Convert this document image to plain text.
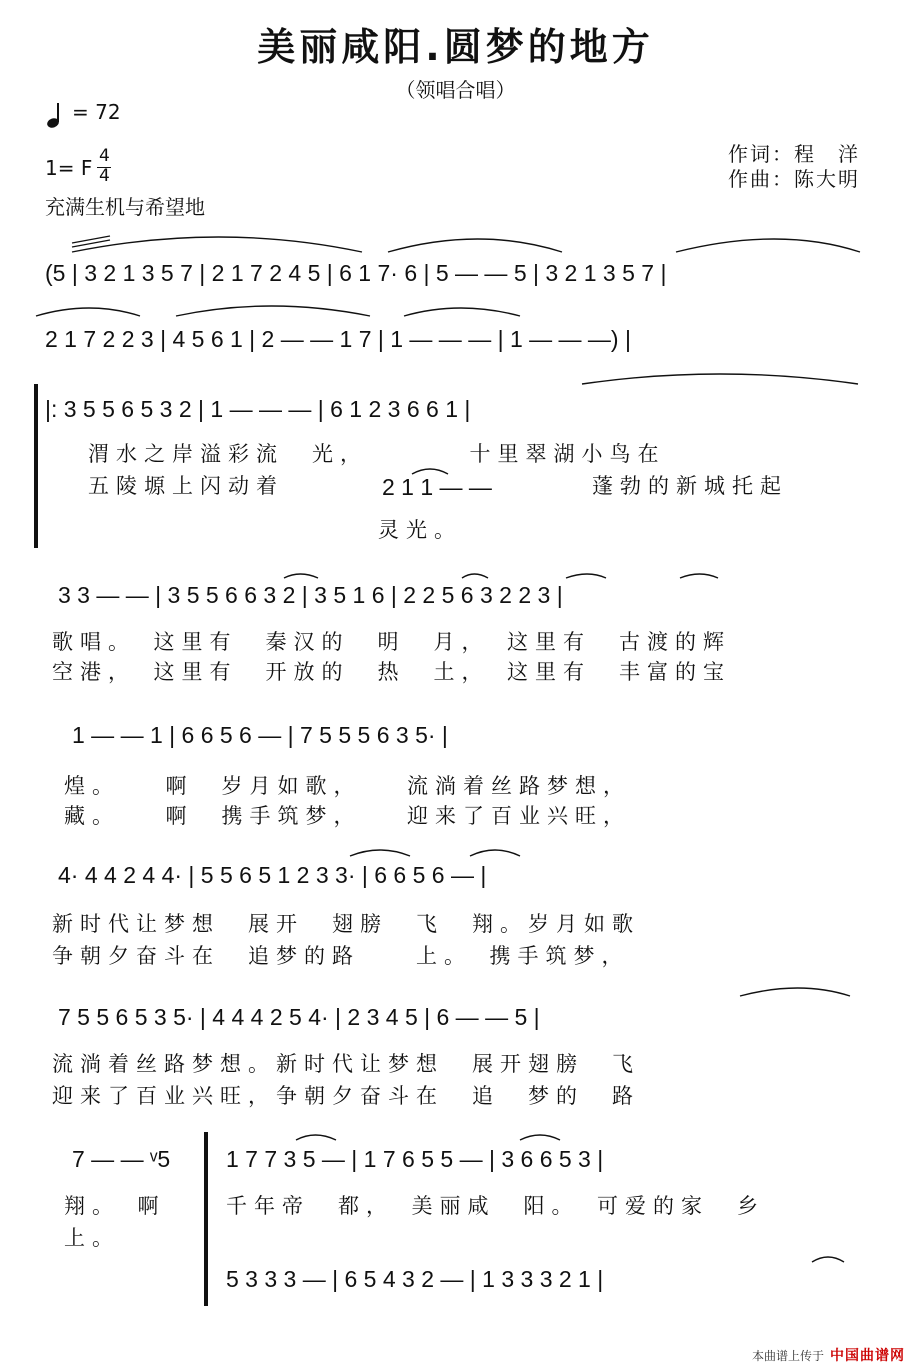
美丽咸阳.圆梦的地方
（领唱合唱）
= 72
1= F 4
4
充满生机与希望地
作词：程　洋
作曲：陈大明
(5 | 3 2 1 3 5 7 | 2 1 7 2 4 5 | 6 1 7· 6 | 5 — — 5 | 3 2 1 3 5 7 |
2 1 7 2 2 3 | 4 5 6 1 | 2 — — 1 7 | 1 — — — | 1 — — —) |
|: 3 5 5 6 5 3 2 | 1 — — — | 6 1 2 3 6 6 1 |
渭水之岸溢彩流　光，　　　　十里翠湖小鸟在
五陵塬上闪动着	2 1 1 — —	蓬勃的新城托起
灵光。
3 3 — — | 3 5 5 6 6 3 2 | 3 5 1 6 | 2 2 5 6 3 2 2 3 |
歌唱。　这里有　秦汉的　明　月，　这里有　古渡的辉
空港，　这里有　开放的　热　土，　这里有　丰富的宝
1 — — 1 | 6 6 5 6 — | 7 5 5 5 6 3 5· |
煌。　　啊　岁月如歌，　　流淌着丝路梦想，
藏。　　啊　携手筑梦，　　迎来了百业兴旺，
4· 4 4 2 4 4· | 5 5 6 5 1 2 3 3· | 6 6 5 6 — |
新时代让梦想　展开　翅膀　飞　翔。岁月如歌
争朝夕奋斗在　追梦的路　　上。　携手筑梦，
7 5 5 6 5 3 5· | 4 4 4 2 5 4· | 2 3 4 5 | 6 — — 5 |
流淌着丝路梦想。新时代让梦想　展开翅膀　飞
迎来了百业兴旺，争朝夕奋斗在　追　梦的　路
7 — — ᵛ5
翔。　啊
上。
1 7 7 3 5 — | 1 7 6 5 5 — | 3 6 6 5 3 |
千年帝　都，　美丽咸　阳。　可爱的家　乡
5 3 3 3 — | 6 5 4 3 2 — | 1 3 3 3 2 1 |
本曲谱上传于 中国曲谱网
